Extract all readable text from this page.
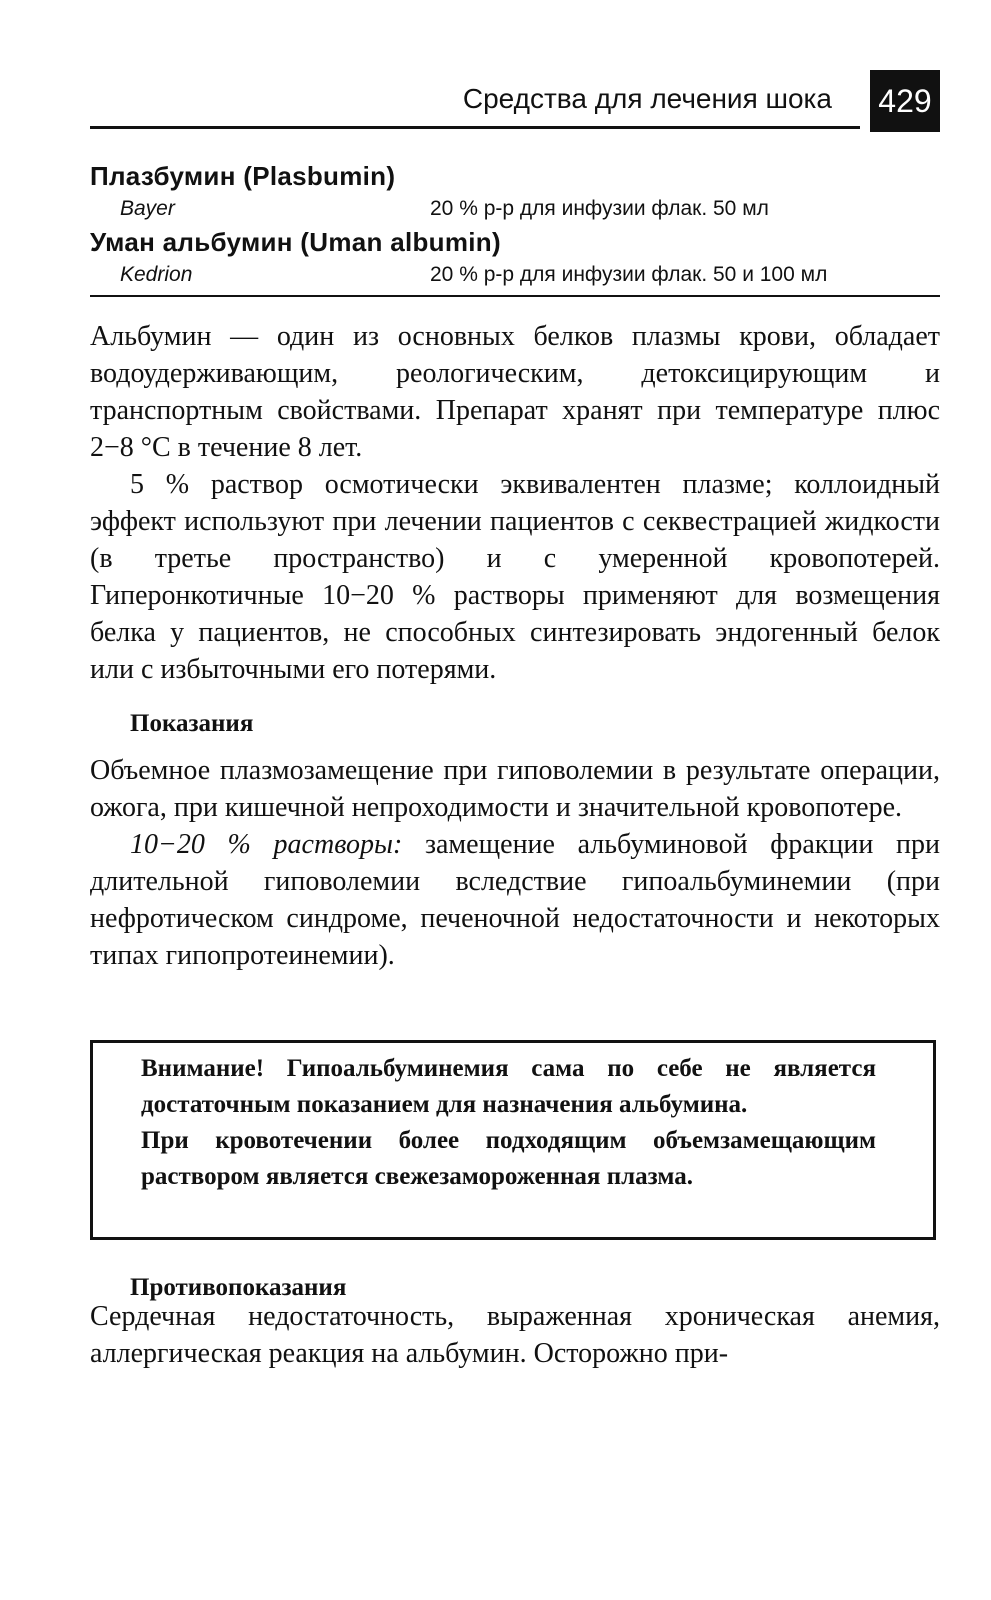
Средства для лечения шока 429
Плазбумин (Plasbumin)
Bayer	20 % р-р для инфузии флак. 50 мл
Уман альбумин (Uman albumin)
Kedrion	20 % р-р для инфузии флак. 50 и 100 мл

Альбумин — один из основных белков плазмы крови, обладает водоудерживающим, реологическим, детоксицирующим и транспортным свойствами. Препарат хранят при температуре плюс 2−8 °C в течение 8 лет.

5 % раствор осмотически эквивалентен плазме; коллоидный эффект используют при лечении пациентов с секвестрацией жидкости (в третье пространство) и с умеренной кровопотерей. Гиперонкотичные 10−20 % растворы применяют для возмещения белка у пациентов, не способных синтезировать эндогенный белок или с избыточными его потерями.

Показания

Объемное плазмозамещение при гиповолемии в результате операции, ожога, при кишечной непроходимости и значительной кровопотере.

10−20 % растворы: замещение альбуминовой фракции при длительной гиповолемии вследствие гипоальбуминемии (при нефротическом синдроме, печеночной недостаточности и некоторых типах гипопротеинемии).

Внимание! Гипоальбуминемия сама по себе не является достаточным показанием для назначения альбумина.

При кровотечении более подходящим объемзамещающим раствором является свежезамороженная плазма.

Противопоказания

Сердечная недостаточность, выраженная хроническая анемия, аллергическая реакция на альбумин. Осторожно при-
